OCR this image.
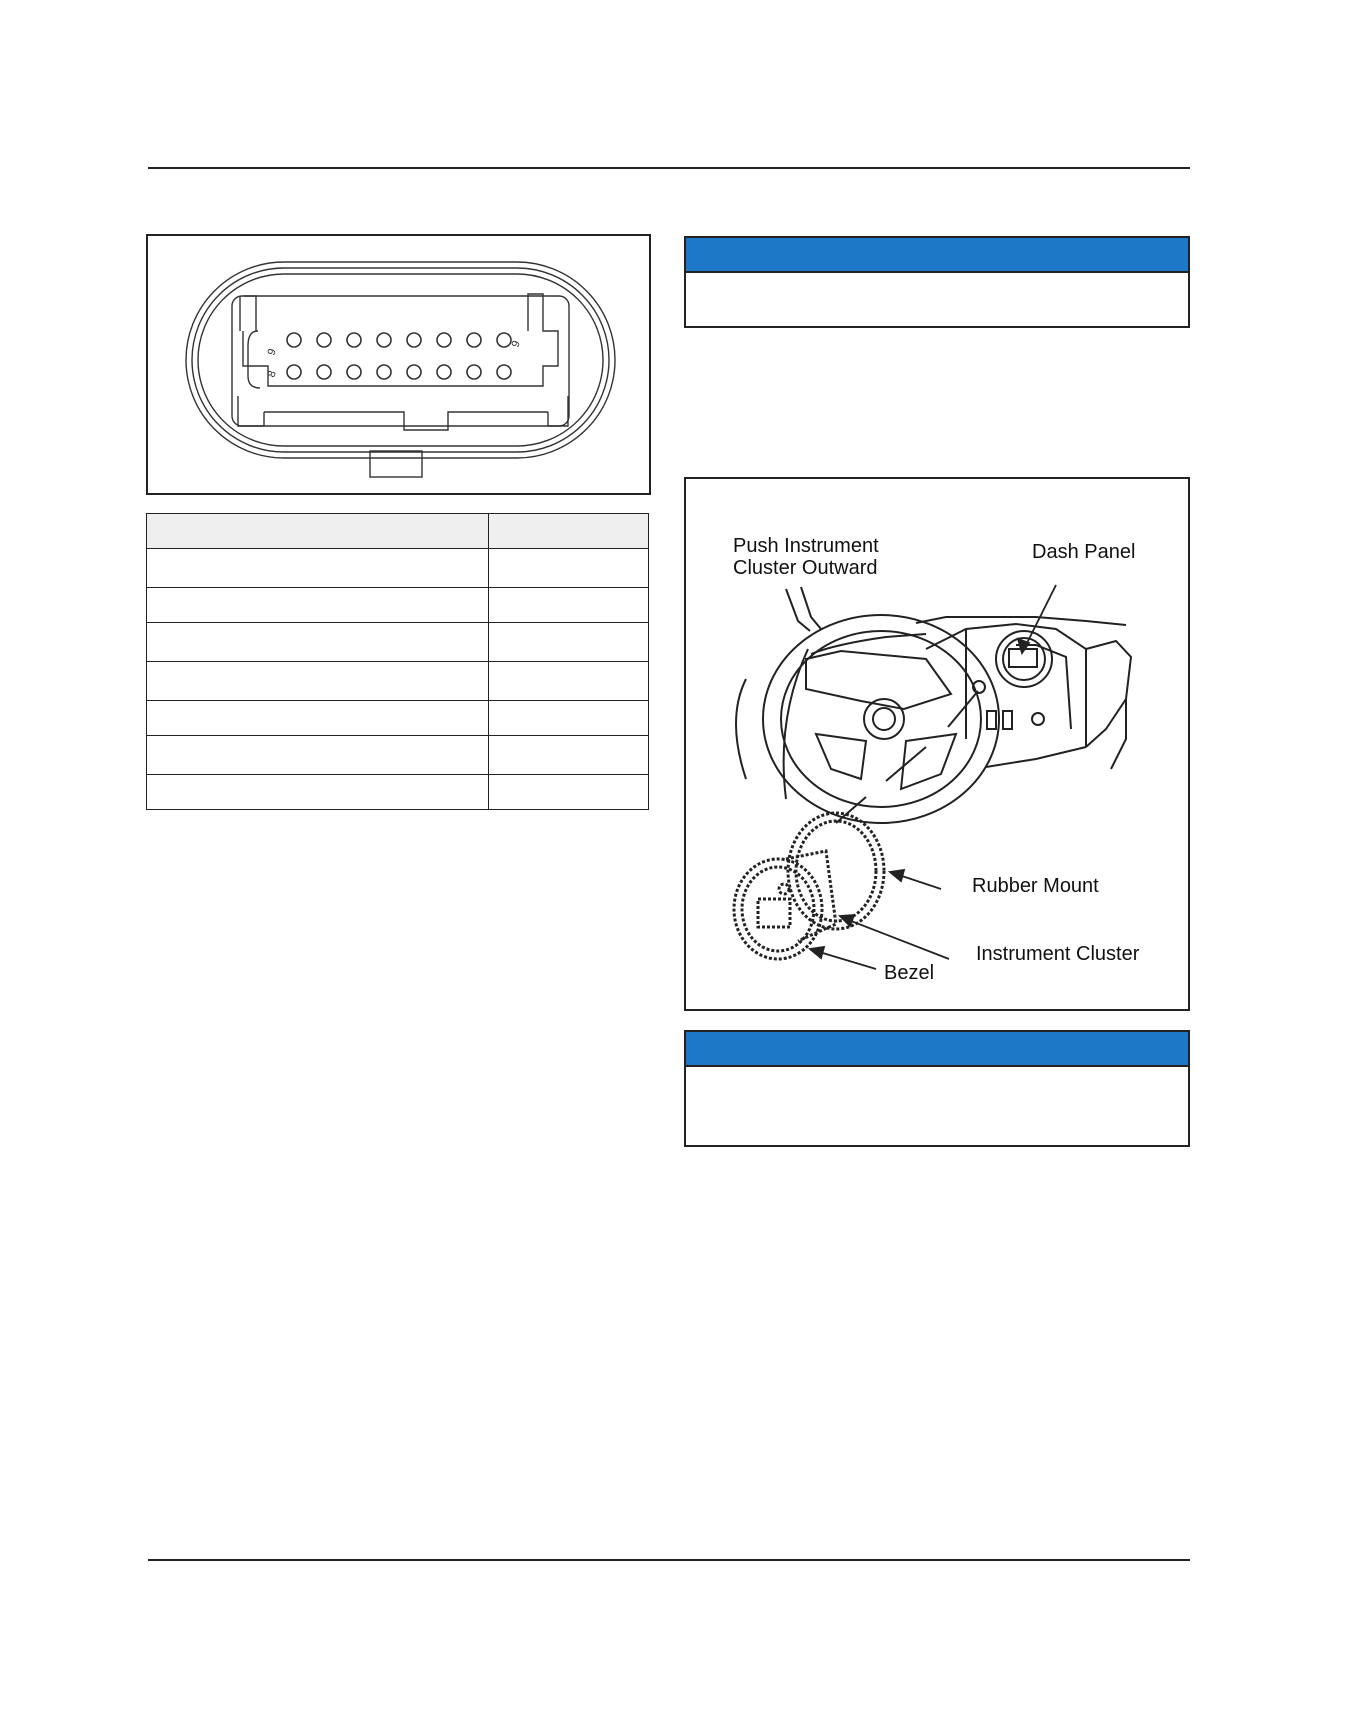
9
9
8

Push Instrument
Cluster Outward
Dash Panel
Rubber Mount
Instrument Cluster
Bezel
